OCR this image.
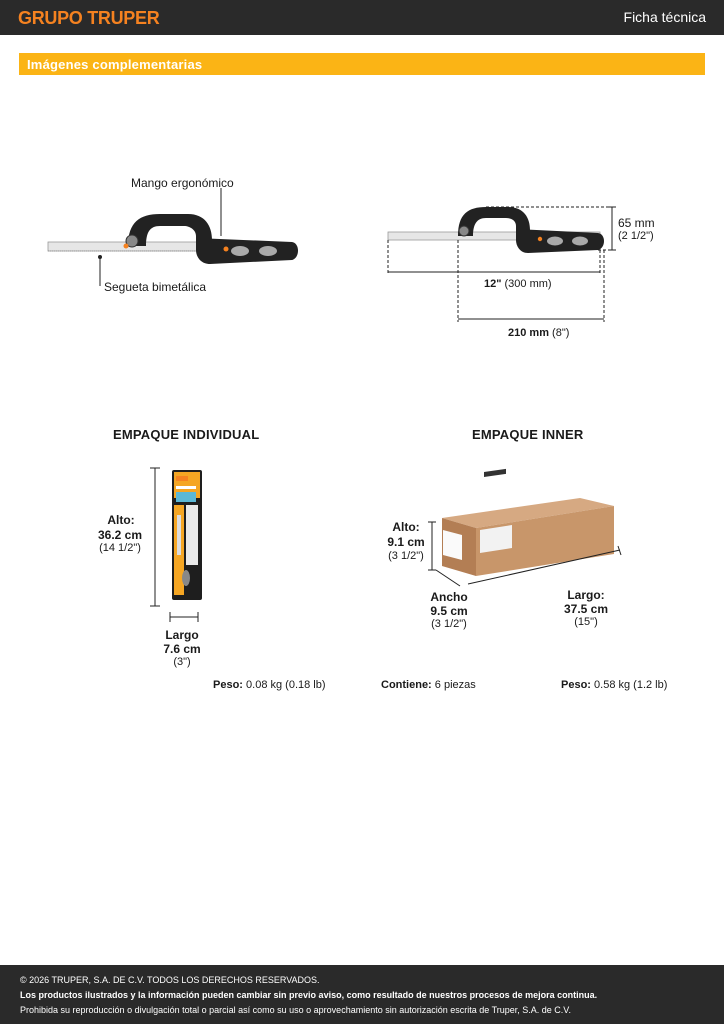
GRUPO TRUPER	Ficha técnica
Imágenes complementarias
Mango ergonómico
Segueta bimetálica
65 mm
(2 1/2")
12" (300 mm)
210 mm (8")
EMPAQUE INDIVIDUAL
Alto:
36.2 cm
(14 1/2")
Largo
7.6 cm
(3")
Peso: 0.08 kg (0.18 lb)
EMPAQUE INNER
Alto:
9.1 cm
(3 1/2")
Ancho
9.5 cm
(3 1/2")
Largo:
37.5 cm
(15")
Contiene: 6 piezas	Peso: 0.58 kg (1.2 lb)

© 2026 TRUPER, S.A. DE C.V. TODOS LOS DERECHOS RESERVADOS.

Los productos ilustrados y la información pueden cambiar sin previo aviso, como resultado de nuestros procesos de mejora continua.

Prohibida su reproducción o divulgación total o parcial así como su uso o aprovechamiento sin autorización escrita de Truper, S.A. de C.V.
